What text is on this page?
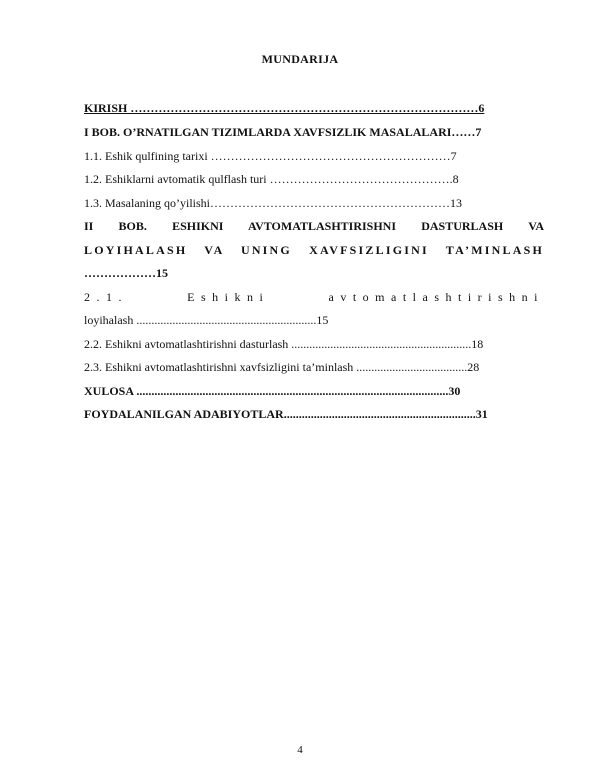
MUNDARIJA
KIRISH ……………………………………………………………………………6
I BOB. O’RNATILGAN TIZIMLARDA XAVFSIZLIK MASALALARI……7
1.1. Eshik qulfining tarixi ……………………………………………………7
1.2. Eshiklarni avtomatik qulflash turi ……………………………………….8
1.3. Masalaning qo’yilishi……………………………………………………13
II BOB. ESHIKNI AVTOMATLASHTIRISHNI DASTURLASH VA
LOYIHALASH VA UNING XAVFSIZLIGINI TA’MINLASH
………………15
2.1. Eshikni avtomatlashtirishni
loyihalash ............................................................15
2.2. Eshikni avtomatlashtirishni dasturlash ............................................................18
2.3. Eshikni avtomatlashtirishni xavfsizligini ta’minlash .....................................28
XULOSA ........................................................................................................30
FOYDALANILGAN ADABIYOTLAR................................................................31
4
